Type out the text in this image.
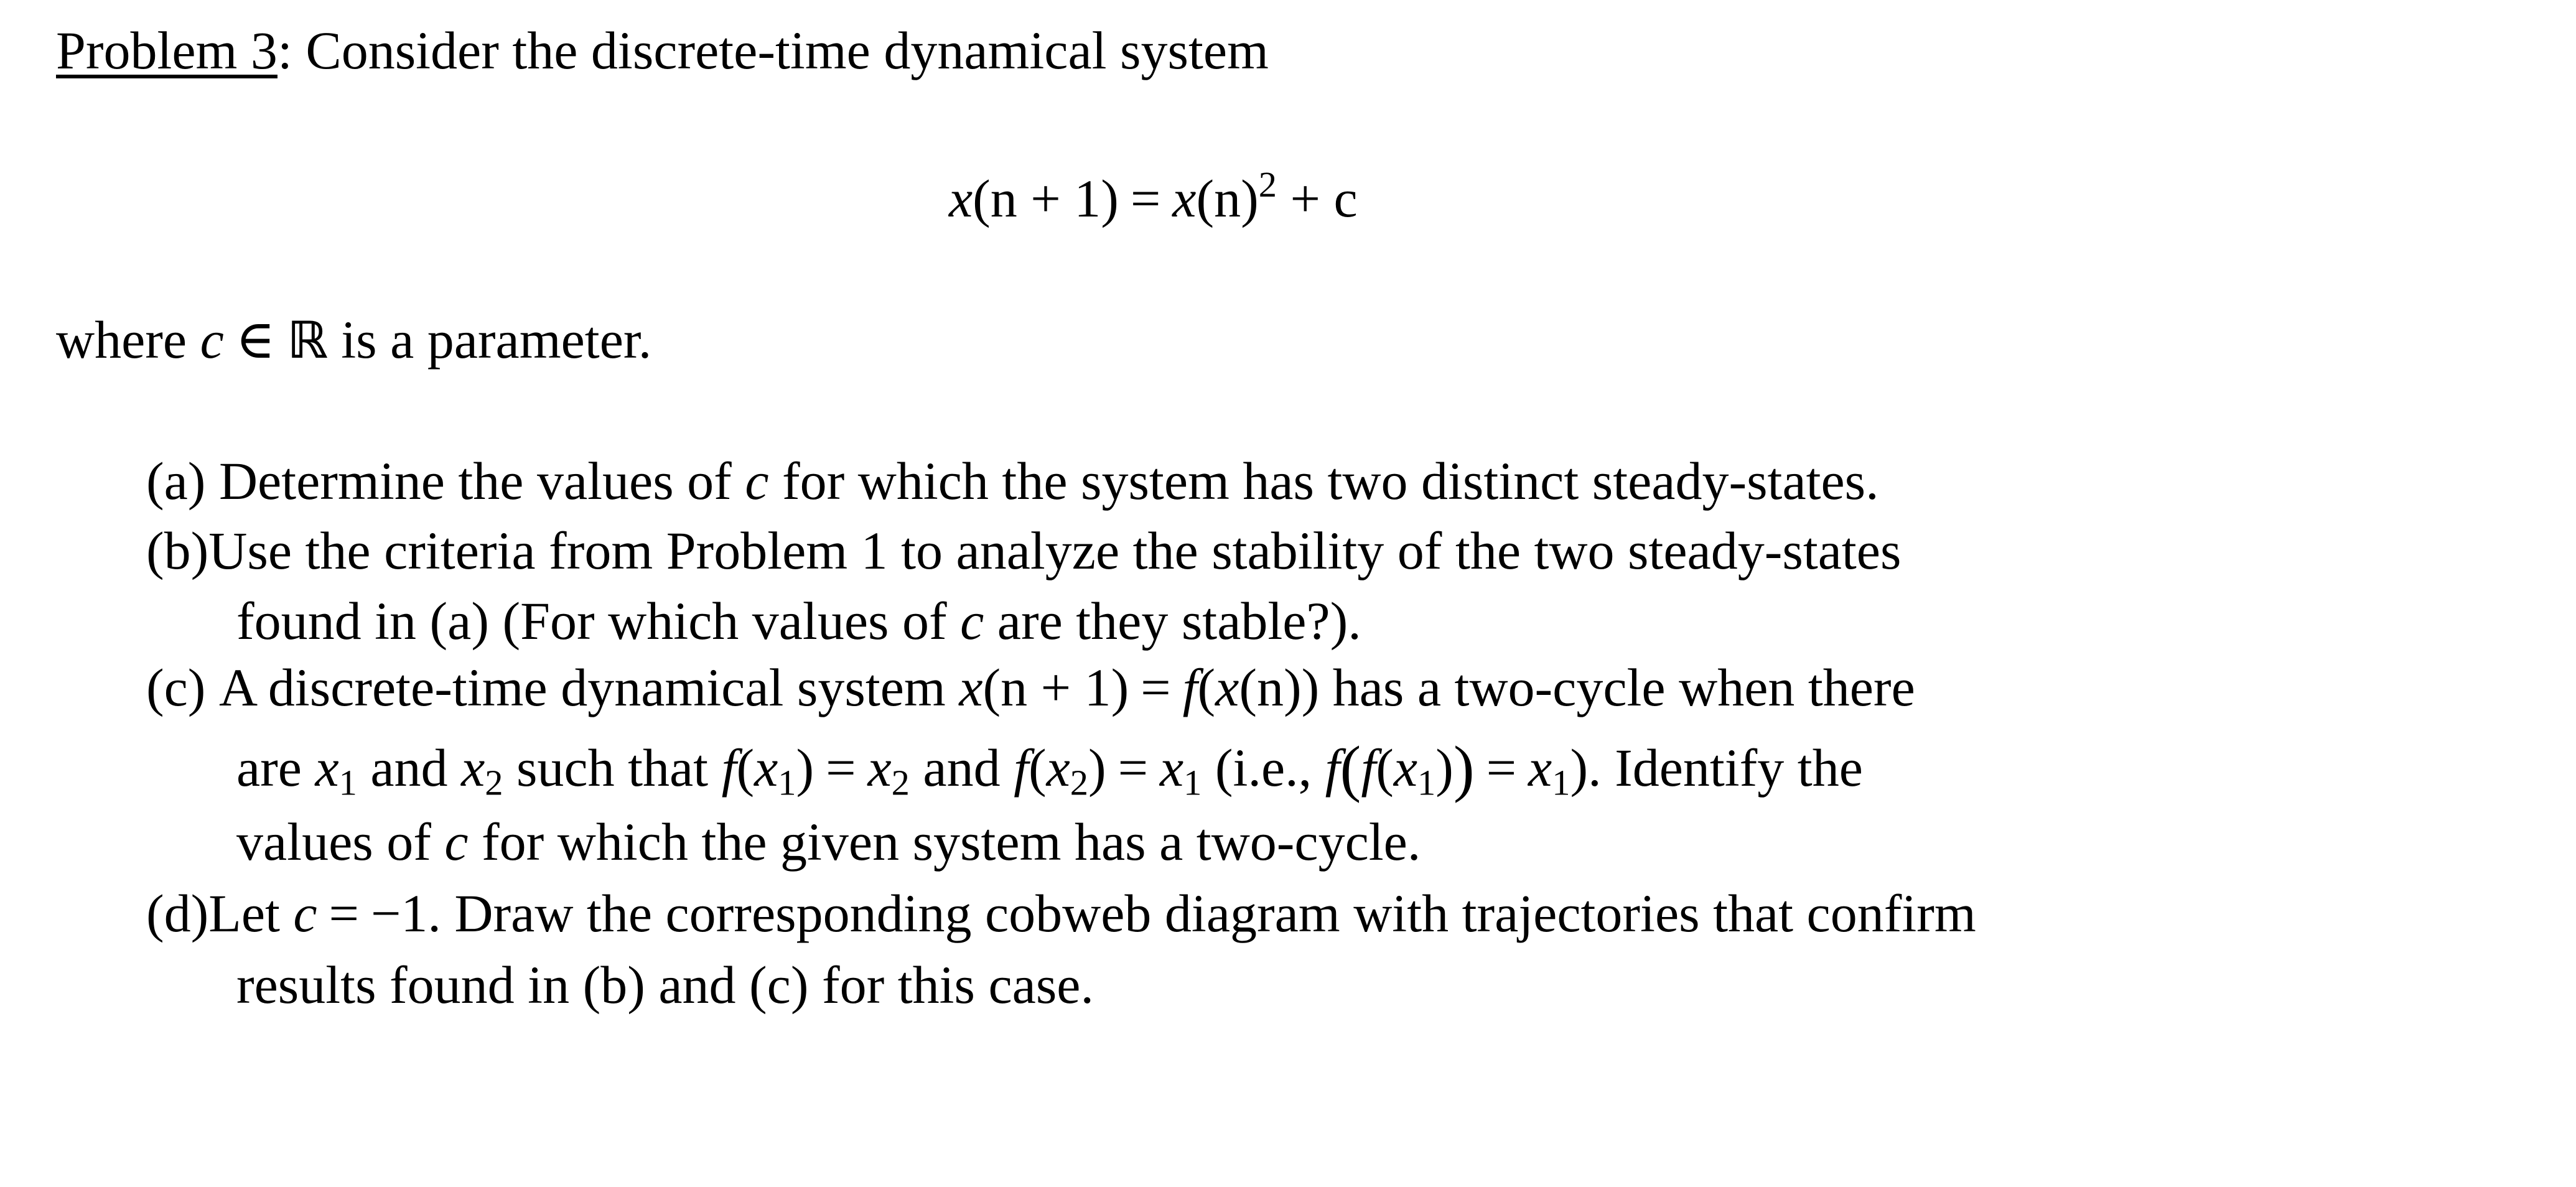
Problem 3: Consider the discrete-time dynamical system
$x(n + 1) = x(n)^2 + c$
where c ∈ ℝ is a parameter.
(a) Determine the values of c for which the system has two distinct steady-states.
(b)Use the criteria from Problem 1 to analyze the stability of the two steady-states
found in (a) (For which values of c are they stable?).
(c) A discrete-time dynamical system x(n + 1) = f(x(n)) has a two-cycle when there
are $x_1$ and $x_2$ such that $f(x_1) = x_2$ and $f(x_2) = x_1$ (i.e., $f(f(x_1)) = x_1$). Identify the
values of c for which the given system has a two-cycle.
(d)Let c = −1. Draw the corresponding cobweb diagram with trajectories that confirm
results found in (b) and (c) for this case.
